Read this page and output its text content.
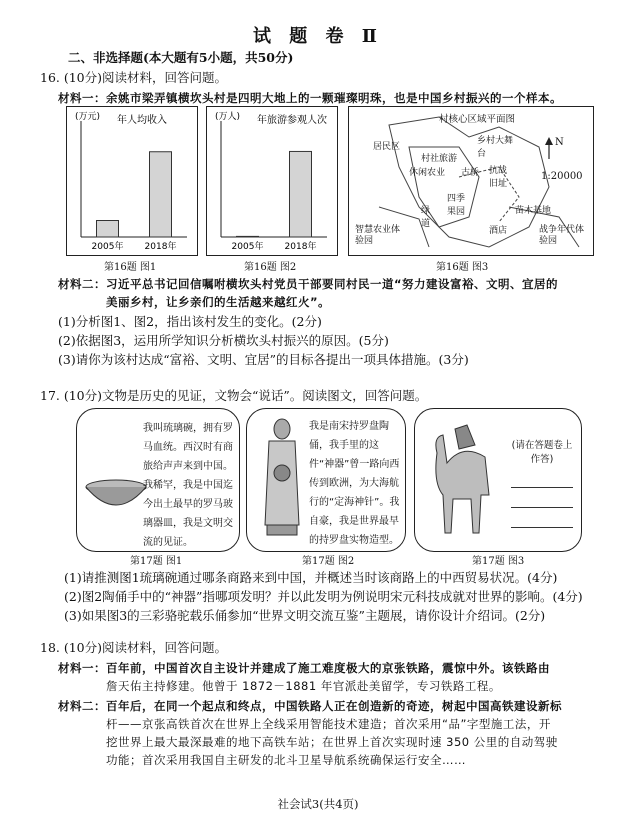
试 题 卷 Ⅱ
二、非选择题(本大题有5小题，共50分)
16. (10分)阅读材料，回答问题。
材料一：余姚市梁弄镇横坎头村是四明大地上的一颗璀璨明珠，也是中国乡村振兴的一个样本。
(万元) 年人均收入
2005年 2018年
第16题 图1
(万人) 年旅游参观人次
2005年 2018年
第16题 图2
村核心区域平面图
N
1:20000
居民区
乡村大舞台
村社旅游
古桥
休闲农业
四季果园
绿道
抗战旧址
苗木基地
酒店
智慧农业体验园
战争年代体验园
第16题 图3
材料二：习近平总书记回信嘱咐横坎头村党员干部要同村民一道“努力建设富裕、文明、宜居的
美丽乡村，让乡亲们的生活越来越红火”。
(1)分析图1、图2，指出该村发生的变化。(2分)
(2)依据图3，运用所学知识分析横坎头村振兴的原因。(5分)
(3)请你为该村达成“富裕、文明、宜居”的目标各提出一项具体措施。(3分)
17. (10分)文物是历史的见证，文物会“说话”。阅读图文，回答问题。
我叫琉璃碗，拥有罗马血统。西汉时有商旅给声声来到中国。我稀罕，我是中国迄今出土最早的罗马玻璃器皿，我是文明交流的见证。
第17题 图1
我是南宋持罗盘陶俑，我手里的这件“神器”曾一路向西传到欧洲，为大海航行的“定海神针”。我自豪，我是世界最早的持罗盘实物造型。
第17题 图2
(请在答题卷上作答)
第17题 图3
(1)请推测图1琉璃碗通过哪条商路来到中国，并概述当时该商路上的中西贸易状况。(4分)
(2)图2陶俑手中的“神器”指哪项发明？并以此发明为例说明宋元科技成就对世界的影响。(4分)
(3)如果图3的三彩骆驼载乐俑参加“世界文明交流互鉴”主题展，请你设计介绍词。(2分)
18. (10分)阅读材料，回答问题。
材料一：百年前，中国首次自主设计并建成了施工难度极大的京张铁路，震惊中外。该铁路由
詹天佑主持修建。他曾于 1872－1881 年官派赴美留学，专习铁路工程。
材料二：百年后，在同一个起点和终点，中国铁路人正在创造新的奇迹，树起中国高铁建设新标
杆——京张高铁首次在世界上全线采用智能技术建造；首次采用“品”字型施工法，开
挖世界上最大最深最难的地下高铁车站；在世界上首次实现时速 350 公里的自动驾驶
功能；首次采用我国自主研发的北斗卫星导航系统确保运行安全……
社会试3(共4页)
